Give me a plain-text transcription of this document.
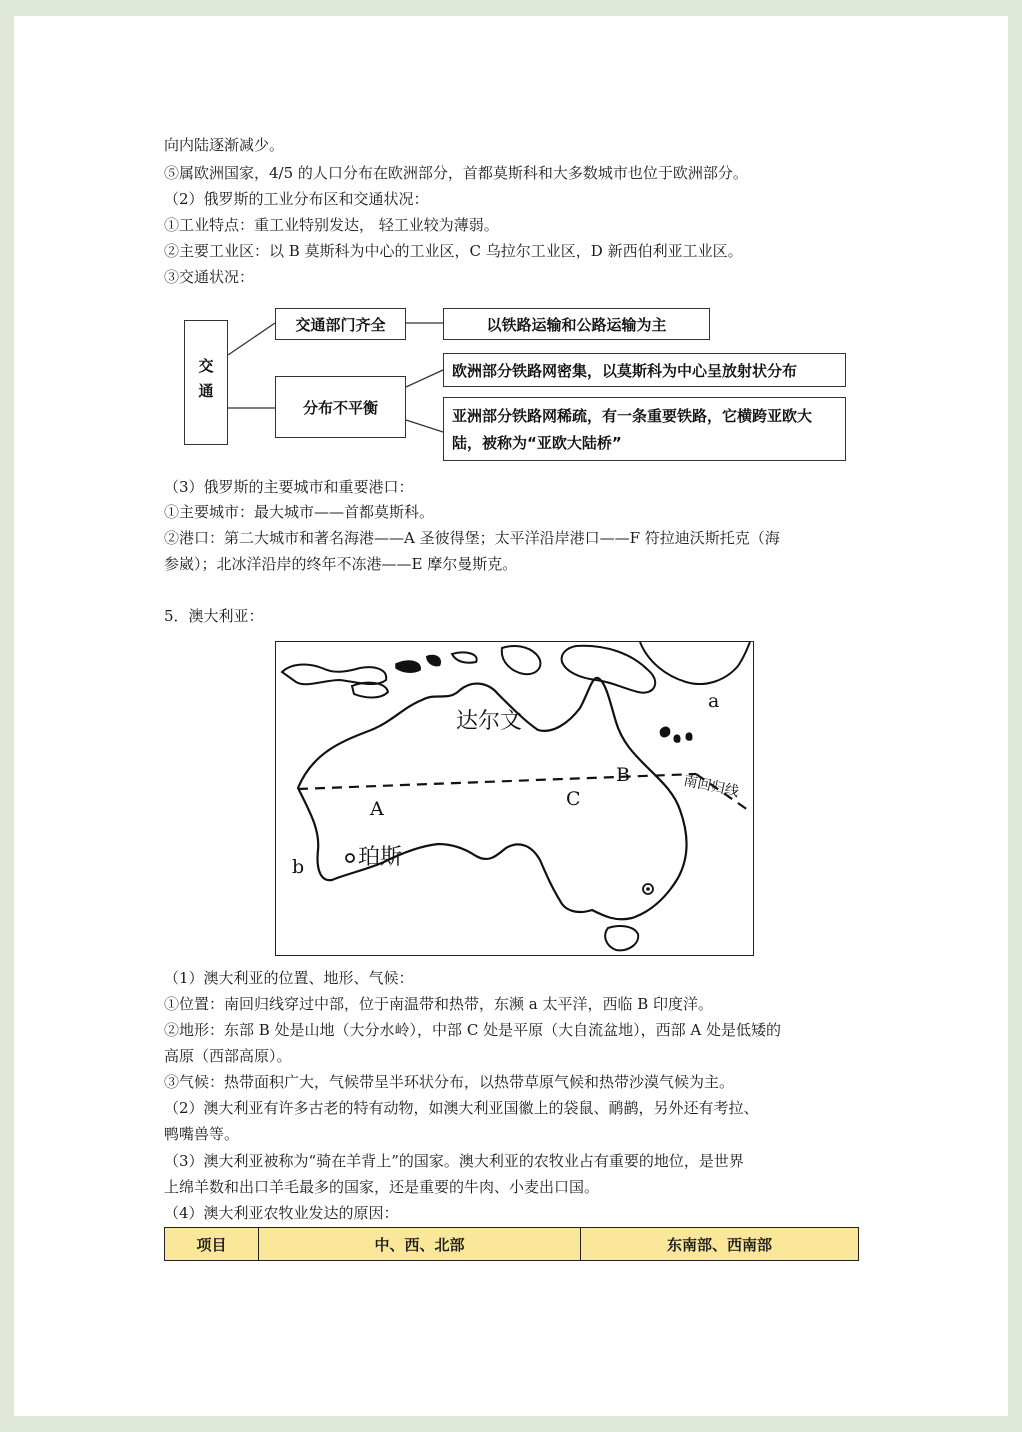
向内陆逐渐减少。
⑤属欧洲国家，4/5 的人口分布在欧洲部分，首都莫斯科和大多数城市也位于欧洲部分。
（2）俄罗斯的工业分布区和交通状况：
①工业特点：重工业特别发达， 轻工业较为薄弱。
②主要工业区：以 B 莫斯科为中心的工业区，C 乌拉尔工业区，D 新西伯利亚工业区。
③交通状况：
交通
交通部门齐全	以铁路运输和公路运输为主
分布不平衡
欧洲部分铁路网密集，以莫斯科为中心呈放射状分布
亚洲部分铁路网稀疏，有一条重要铁路，它横跨亚欧大陆，被称为“亚欧大陆桥”
（3）俄罗斯的主要城市和重要港口：
①主要城市：最大城市——首都莫斯科。
②港口：第二大城市和著名海港——A 圣彼得堡；太平洋沿岸港口——F 符拉迪沃斯托克（海
参崴）；北冰洋沿岸的终年不冻港——E 摩尔曼斯克。
5．澳大利亚：
达尔文
珀斯
南回归线
a
b
A
B
C
（1）澳大利亚的位置、地形、气候：
①位置：南回归线穿过中部，位于南温带和热带，东濒 a 太平洋，西临 B 印度洋。
②地形：东部 B 处是山地（大分水岭），中部 C 处是平原（大自流盆地），西部 A 处是低矮的
高原（西部高原）。
③气候：热带面积广大，气候带呈半环状分布，以热带草原气候和热带沙漠气候为主。
（2）澳大利亚有许多古老的特有动物，如澳大利亚国徽上的袋鼠、鸸鹋，另外还有考拉、
鸭嘴兽等。
（3）澳大利亚被称为“骑在羊背上”的国家。澳大利亚的农牧业占有重要的地位，是世界
上绵羊数和出口羊毛最多的国家，还是重要的牛肉、小麦出口国。
（4）澳大利亚农牧业发达的原因：
项目	中、西、北部	东南部、西南部
